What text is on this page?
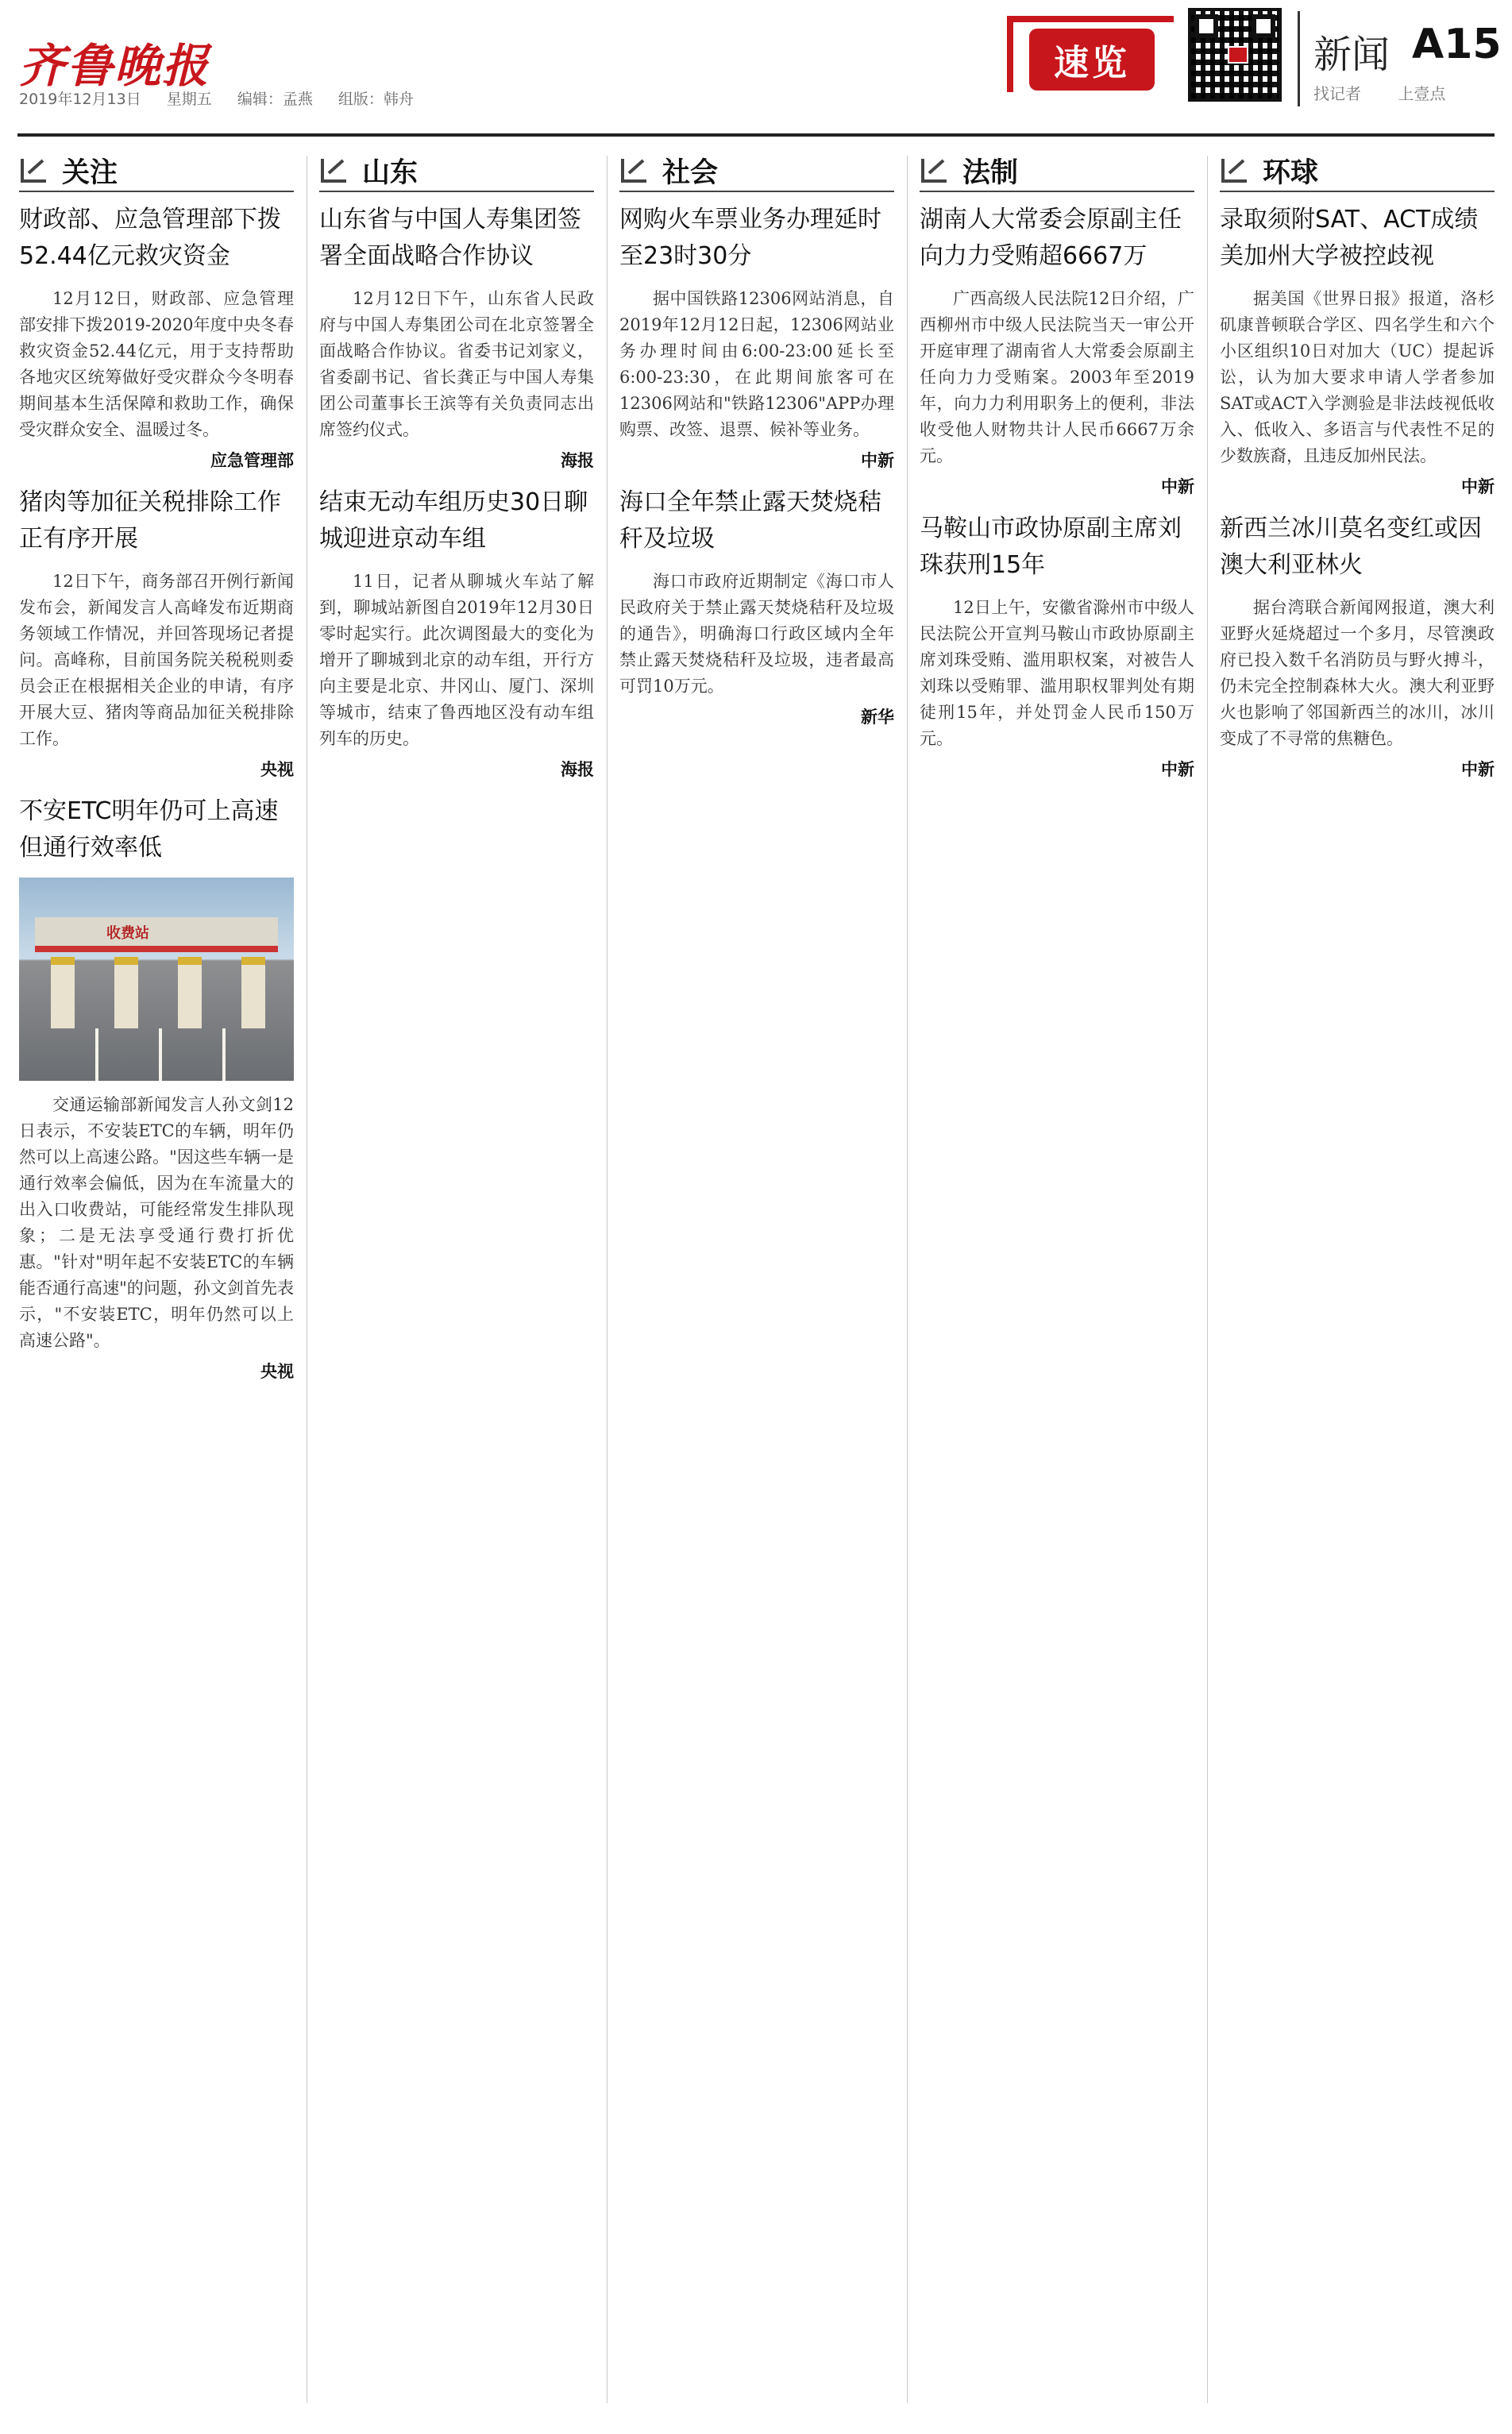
齐鲁晚报
2019年12月13日 星期五 编辑：孟燕 组版：韩舟
速览	新闻 A15
找记者 上壹点
关注
财政部、应急管理部下拨52.44亿元救灾资金

12月12日，财政部、应急管理部安排下拨2019-2020年度中央冬春救灾资金52.44亿元，用于支持帮助各地灾区统筹做好受灾群众今冬明春期间基本生活保障和救助工作，确保受灾群众安全、温暖过冬。

应急管理部
猪肉等加征关税排除工作正有序开展

12日下午，商务部召开例行新闻发布会，新闻发言人高峰发布近期商务领域工作情况，并回答现场记者提问。高峰称，目前国务院关税税则委员会正在根据相关企业的申请，有序开展大豆、猪肉等商品加征关税排除工作。

央视
不安ETC明年仍可上高速但通行效率低
收费站

交通运输部新闻发言人孙文剑12日表示，不安装ETC的车辆，明年仍然可以上高速公路。"因这些车辆一是通行效率会偏低，因为在车流量大的出入口收费站，可能经常发生排队现象；二是无法享受通行费打折优惠。"针对"明年起不安装ETC的车辆能否通行高速"的问题，孙文剑首先表示，"不安装ETC，明年仍然可以上高速公路"。

央视
山东
山东省与中国人寿集团签署全面战略合作协议

12月12日下午，山东省人民政府与中国人寿集团公司在北京签署全面战略合作协议。省委书记刘家义，省委副书记、省长龚正与中国人寿集团公司董事长王滨等有关负责同志出席签约仪式。

海报
结束无动车组历史30日聊城迎进京动车组

11日，记者从聊城火车站了解到，聊城站新图自2019年12月30日零时起实行。此次调图最大的变化为增开了聊城到北京的动车组，开行方向主要是北京、井冈山、厦门、深圳等城市，结束了鲁西地区没有动车组列车的历史。

海报
社会
网购火车票业务办理延时至23时30分

据中国铁路12306网站消息，自2019年12月12日起，12306网站业务办理时间由6:00-23:00延长至6:00-23:30，在此期间旅客可在12306网站和"铁路12306"APP办理购票、改签、退票、候补等业务。

中新
海口全年禁止露天焚烧秸秆及垃圾

海口市政府近期制定《海口市人民政府关于禁止露天焚烧秸秆及垃圾的通告》，明确海口行政区域内全年禁止露天焚烧秸秆及垃圾，违者最高可罚10万元。

新华
法制
湖南人大常委会原副主任向力力受贿超6667万

广西高级人民法院12日介绍，广西柳州市中级人民法院当天一审公开开庭审理了湖南省人大常委会原副主任向力力受贿案。2003年至2019年，向力力利用职务上的便利，非法收受他人财物共计人民币6667万余元。

中新
马鞍山市政协原副主席刘珠获刑15年

12日上午，安徽省滁州市中级人民法院公开宣判马鞍山市政协原副主席刘珠受贿、滥用职权案，对被告人刘珠以受贿罪、滥用职权罪判处有期徒刑15年，并处罚金人民币150万元。

中新
环球
录取须附SAT、ACT成绩美加州大学被控歧视

据美国《世界日报》报道，洛杉矶康普顿联合学区、四名学生和六个小区组织10日对加大（UC）提起诉讼，认为加大要求申请人学者参加SAT或ACT入学测验是非法歧视低收入、低收入、多语言与代表性不足的少数族裔，且违反加州民法。

中新
新西兰冰川莫名变红或因澳大利亚林火

据台湾联合新闻网报道，澳大利亚野火延烧超过一个多月，尽管澳政府已投入数千名消防员与野火搏斗，仍未完全控制森林大火。澳大利亚野火也影响了邻国新西兰的冰川，冰川变成了不寻常的焦糖色。

中新
